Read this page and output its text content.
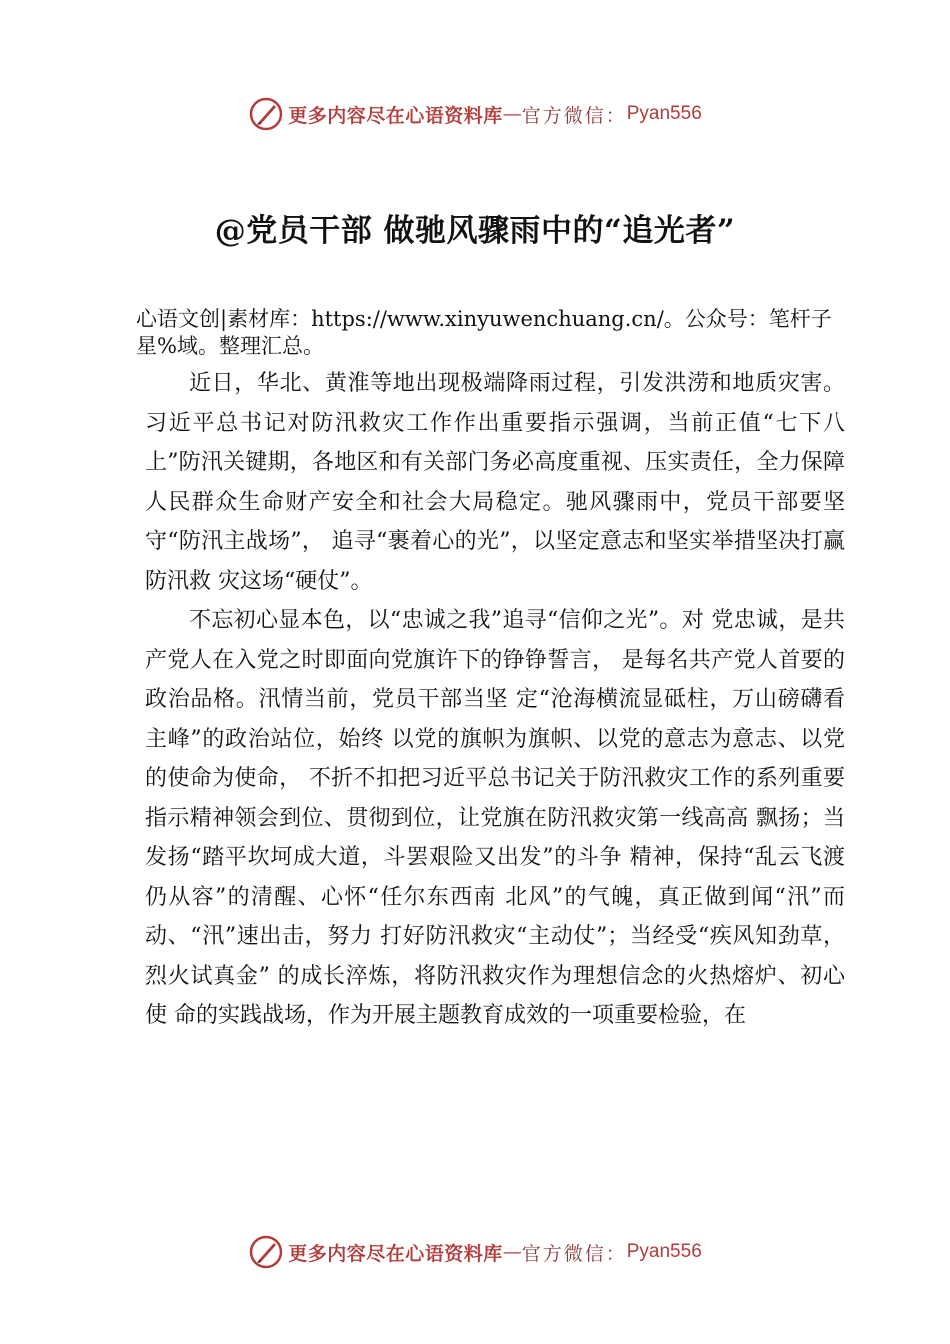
更多内容尽在心语资料库 — 官方微信： Pyan556
@党员干部 做驰风骤雨中的“追光者”

心语文创|素材库：https://www.xinyuwenchuang.cn/。公众号：笔杆子星%域。整理汇总。

近日，华北、黄淮等地出现极端降雨过程，引发洪涝和地质灾害。习近平总书记对防汛救灾工作作出重要指示强调，当前正值“七下八上”防汛关键期，各地区和有关部门务必高度重视、压实责任，全力保障人民群众生命财产安全和社会大局稳定。驰风骤雨中，党员干部要坚守“防汛主战场”， 追寻“裹着心的光”，以坚定意志和坚实举措坚决打赢防汛救 灾这场“硬仗”。

不忘初心显本色，以“忠诚之我”追寻“信仰之光”。对 党忠诚，是共产党人在入党之时即面向党旗许下的铮铮誓言， 是每名共产党人首要的政治品格。汛情当前，党员干部当坚 定“沧海横流显砥柱，万山磅礴看主峰”的政治站位，始终 以党的旗帜为旗帜、以党的意志为意志、以党的使命为使命， 不折不扣把习近平总书记关于防汛救灾工作的系列重要指示精神领会到位、贯彻到位，让党旗在防汛救灾第一线高高 飘扬；当发扬“踏平坎坷成大道，斗罢艰险又出发”的斗争 精神，保持“乱云飞渡仍从容”的清醒、心怀“任尔东西南 北风”的气魄，真正做到闻“汛”而动、“汛”速出击，努力 打好防汛救灾“主动仗”；当经受“疾风知劲草，烈火试真金” 的成长淬炼，将防汛救灾作为理想信念的火热熔炉、初心使 命的实践战场，作为开展主题教育成效的一项重要检验，在

更多内容尽在心语资料库 — 官方微信： Pyan556
